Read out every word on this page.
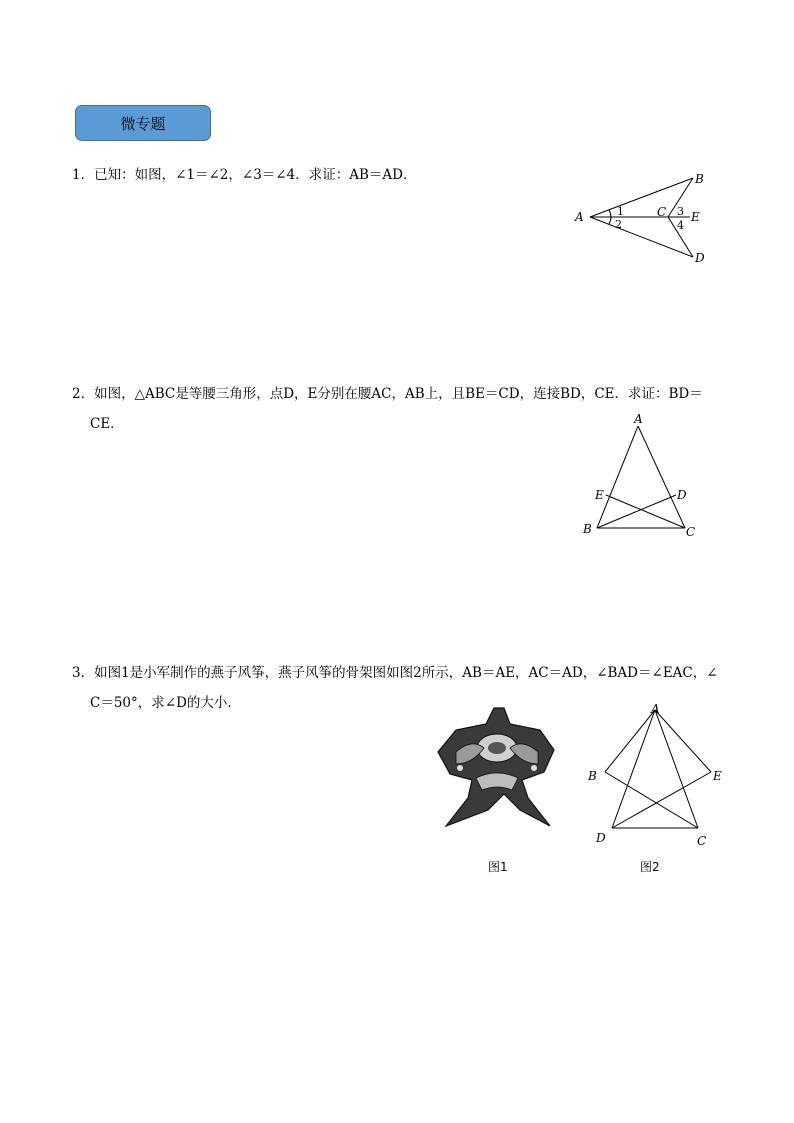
微专题
1．已知：如图，∠1＝∠2，∠3＝∠4．求证：AB＝AD．
A
B
C
D
E
1
2
3
4
2．如图，△ABC是等腰三角形，点D，E分别在腰AC，AB上，且BE＝CD，连接BD，CE．求证：BD＝
CE．	A
B	C
D
E
3．如图1是小军制作的燕子风筝，燕子风筝的骨架图如图2所示，AB＝AE，AC＝AD，∠BAD＝∠EAC，∠
C＝50°，求∠D的大小．	A
B	E
D	C
图1	图2
